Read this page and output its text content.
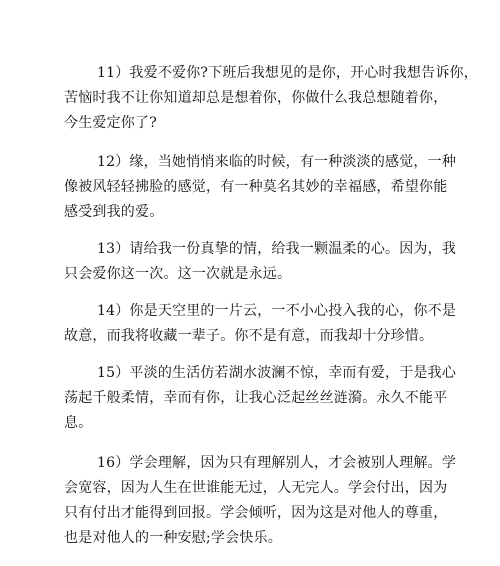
11）我爱不爱你?下班后我想见的是你，开心时我想告诉你，
苦恼时我不让你知道却总是想着你，你做什么我总想随着你，
今生爱定你了?
12）缘，当她悄悄来临的时候，有一种淡淡的感觉，一种
像被风轻轻拂脸的感觉，有一种莫名其妙的幸福感，希望你能
感受到我的爱。
13）请给我一份真挚的情，给我一颗温柔的心。因为，我
只会爱你这一次。这一次就是永远。
14）你是天空里的一片云，一不小心投入我的心，你不是
故意，而我将收藏一辈子。你不是有意，而我却十分珍惜。
15）平淡的生活仿若湖水波澜不惊，幸而有爱，于是我心
荡起千般柔情，幸而有你，让我心泛起丝丝涟漪。永久不能平
息。
16）学会理解，因为只有理解别人，才会被别人理解。学
会宽容，因为人生在世谁能无过，人无完人。学会付出，因为
只有付出才能得到回报。学会倾听，因为这是对他人的尊重，
也是对他人的一种安慰;学会快乐。
